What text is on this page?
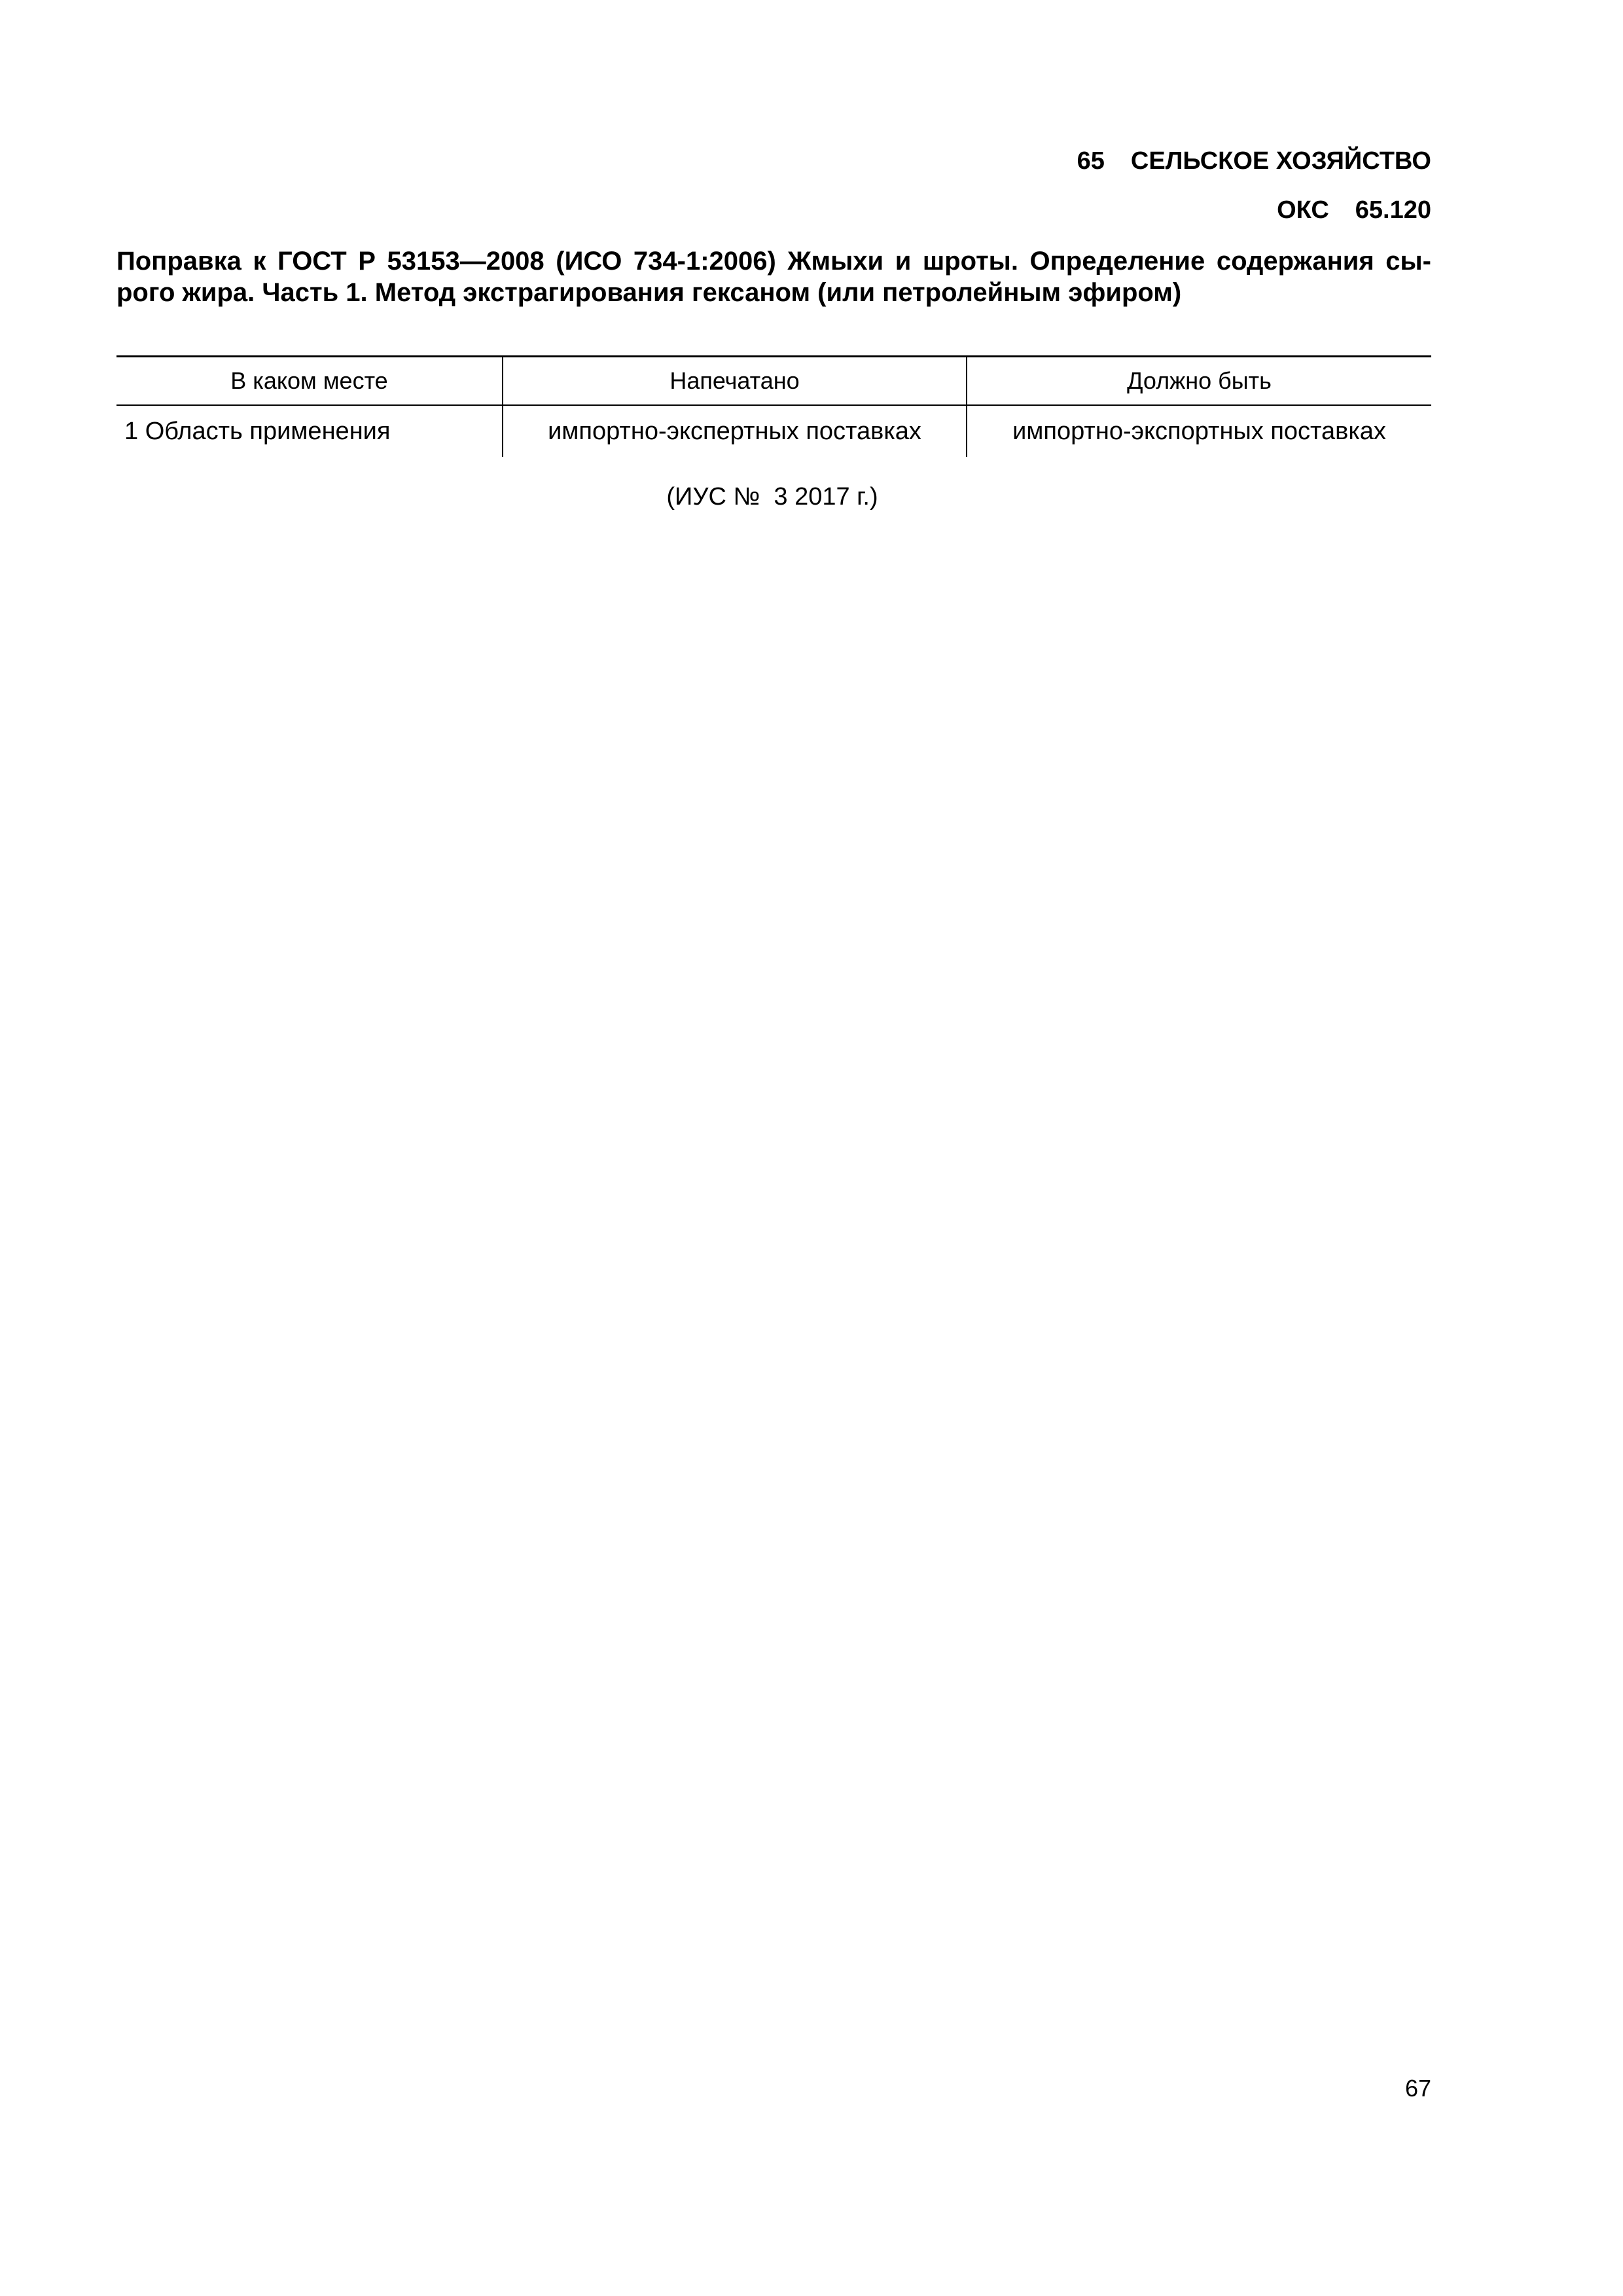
65 СЕЛЬСКОЕ ХОЗЯЙСТВО
ОКС 65.120
Поправка к ГОСТ Р 53153—2008 (ИСО 734-1:2006) Жмыхи и шроты. Определение содержания сы-
рого жира. Часть 1. Метод экстрагирования гексаном (или петролейным эфиром)
В каком месте	Напечатано	Должно быть
1 Область применения	импортно-экспертных поставках	импортно-экспортных поставках
(ИУС №  3 2017 г.)
67
